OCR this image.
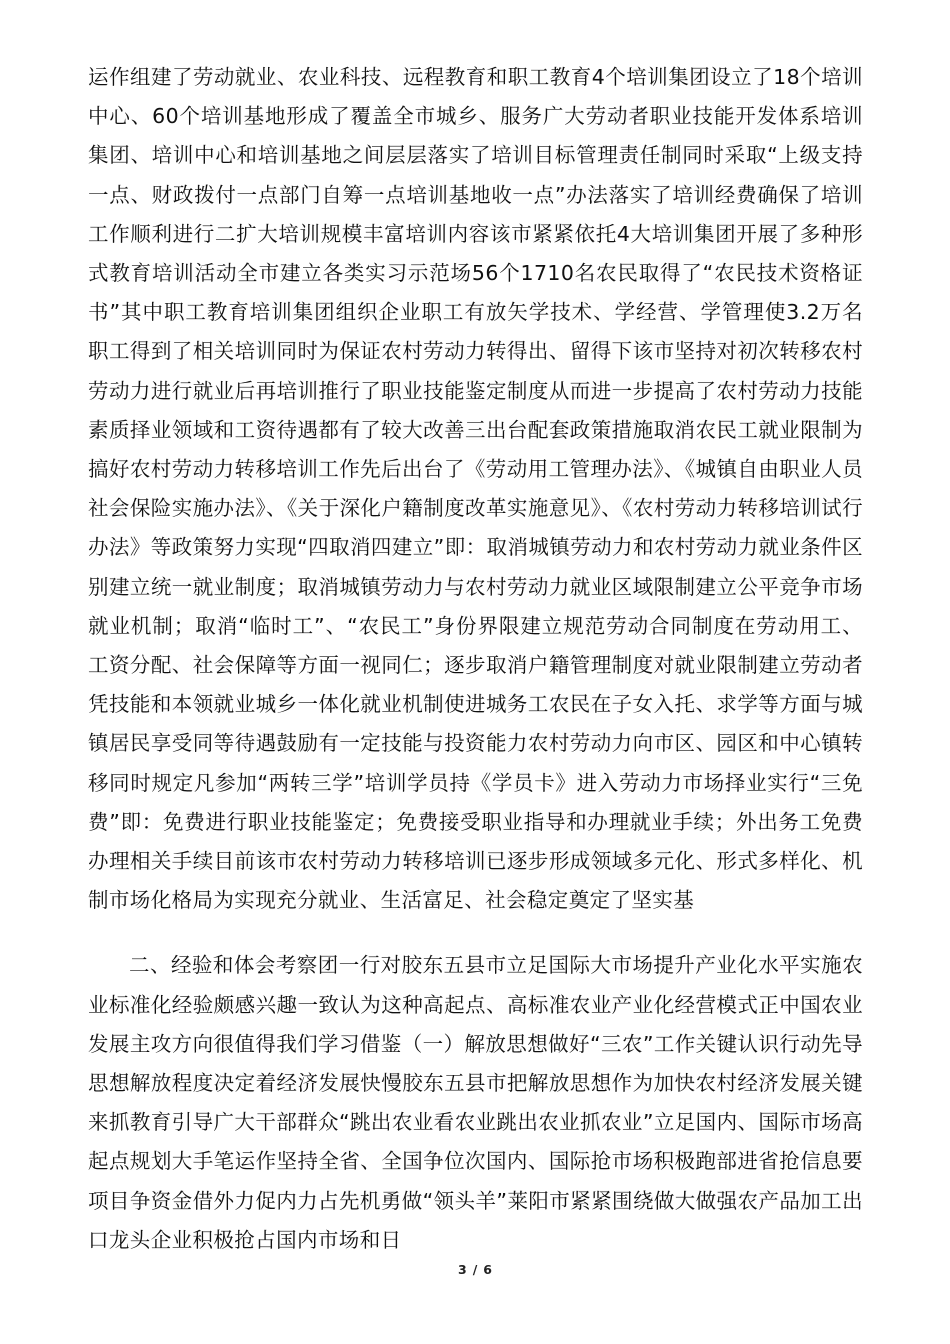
运作组建了劳动就业、农业科技、远程教育和职工教育4个培训集团设立了18个培训中心、60个培训基地形成了覆盖全市城乡、服务广大劳动者职业技能开发体系培训集团、培训中心和培训基地之间层层落实了培训目标管理责任制同时采取“上级支持一点、财政拨付一点部门自筹一点培训基地收一点”办法落实了培训经费确保了培训工作顺利进行二扩大培训规模丰富培训内容该市紧紧依托4大培训集团开展了多种形式教育培训活动全市建立各类实习示范场56个1710名农民取得了“农民技术资格证书”其中职工教育培训集团组织企业职工有放矢学技术、学经营、学管理使3.2万名职工得到了相关培训同时为保证农村劳动力转得出、留得下该市坚持对初次转移农村劳动力进行就业后再培训推行了职业技能鉴定制度从而进一步提高了农村劳动力技能素质择业领域和工资待遇都有了较大改善三出台配套政策措施取消农民工就业限制为搞好农村劳动力转移培训工作先后出台了《劳动用工管理办法》、《城镇自由职业人员社会保险实施办法》、《关于深化户籍制度改革实施意见》、《农村劳动力转移培训试行办法》等政策努力实现“四取消四建立”即：取消城镇劳动力和农村劳动力就业条件区别建立统一就业制度；取消城镇劳动力与农村劳动力就业区域限制建立公平竞争市场就业机制；取消“临时工”、“农民工”身份界限建立规范劳动合同制度在劳动用工、工资分配、社会保障等方面一视同仁；逐步取消户籍管理制度对就业限制建立劳动者凭技能和本领就业城乡一体化就业机制使进城务工农民在子女入托、求学等方面与城镇居民享受同等待遇鼓励有一定技能与投资能力农村劳动力向市区、园区和中心镇转移同时规定凡参加“两转三学”培训学员持《学员卡》进入劳动力市场择业实行“三免费”即：免费进行职业技能鉴定；免费接受职业指导和办理就业手续；外出务工免费办理相关手续目前该市农村劳动力转移培训已逐步形成领域多元化、形式多样化、机制市场化格局为实现充分就业、生活富足、社会稳定奠定了坚实基

二、经验和体会考察团一行对胶东五县市立足国际大市场提升产业化水平实施农业标准化经验颇感兴趣一致认为这种高起点、高标准农业产业化经营模式正中国农业发展主攻方向很值得我们学习借鉴（一）解放思想做好“三农”工作关键认识行动先导思想解放程度决定着经济发展快慢胶东五县市把解放思想作为加快农村经济发展关键来抓教育引导广大干部群众“跳出农业看农业跳出农业抓农业”立足国内、国际市场高起点规划大手笔运作坚持全省、全国争位次国内、国际抢市场积极跑部进省抢信息要项目争资金借外力促内力占先机勇做“领头羊”莱阳市紧紧围绕做大做强农产品加工出口龙头企业积极抢占国内市场和日

3 / 6
